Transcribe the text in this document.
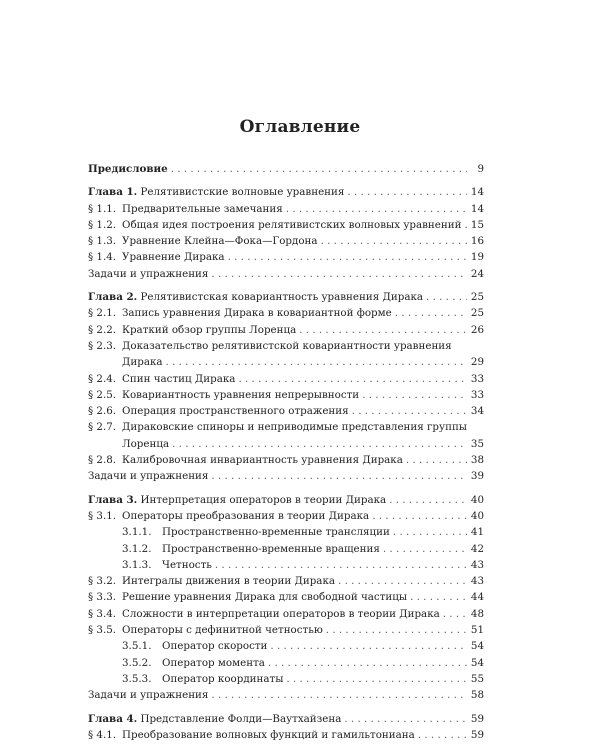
Оглавление
Предисловие . . .	9
Глава 1. Релятивистские волновые уравнения . . .	14
§ 1.1. Предварительные замечания . . .	14
§ 1.2. Общая идея построения релятивистских волновых уравнений . . . 15
§ 1.3. Уравнение Клейна—Фока—Гордона . . .	16
§ 1.4. Уравнение Дирака . . .	19
Задачи и упражнения . . .	24
Глава 2. Релятивистская ковариантность уравнения Дирака . . .	25
§ 2.1. Запись уравнения Дирака в ковариантной форме . . .	25
§ 2.2. Краткий обзор группы Лоренца . . .	26
§ 2.3. Доказательство релятивистской ковариантности уравнения
Дирака . . .	29
§ 2.4. Спин частиц Дирака . . .	33
§ 2.5. Ковариантность уравнения непрерывности . . .	33
§ 2.6. Операция пространственного отражения . . .	34
§ 2.7. Дираковские спиноры и неприводимые представления группы
Лоренца . . .	35
§ 2.8. Калибровочная инвариантность уравнения Дирака . . .	38
Задачи и упражнения . . .	39
Глава 3. Интерпретация операторов в теории Дирака . . .	40
§ 3.1. Операторы преобразования в теории Дирака . . .	40
3.1.1.	Пространственно-временные трансляции . . .	41
3.1.2.	Пространственно-временные вращения . . .	42
3.1.3.	Четность . . .	43
§ 3.2. Интегралы движения в теории Дирака . . .	43
§ 3.3. Решение уравнения Дирака для свободной частицы . . .	44
§ 3.4. Сложности в интерпретации операторов в теории Дирака . . .	48
§ 3.5. Операторы с дефинитной четностью . . .	51
3.5.1.	Оператор скорости . . .	54
3.5.2.	Оператор момента . . .	54
3.5.3.	Оператор координаты . . .	55
Задачи и упражнения . . .	58
Глава 4. Представление Фолди—Ваутхайзена . . .	59
§ 4.1. Преобразование волновых функций и гамильтониана . . .	59
